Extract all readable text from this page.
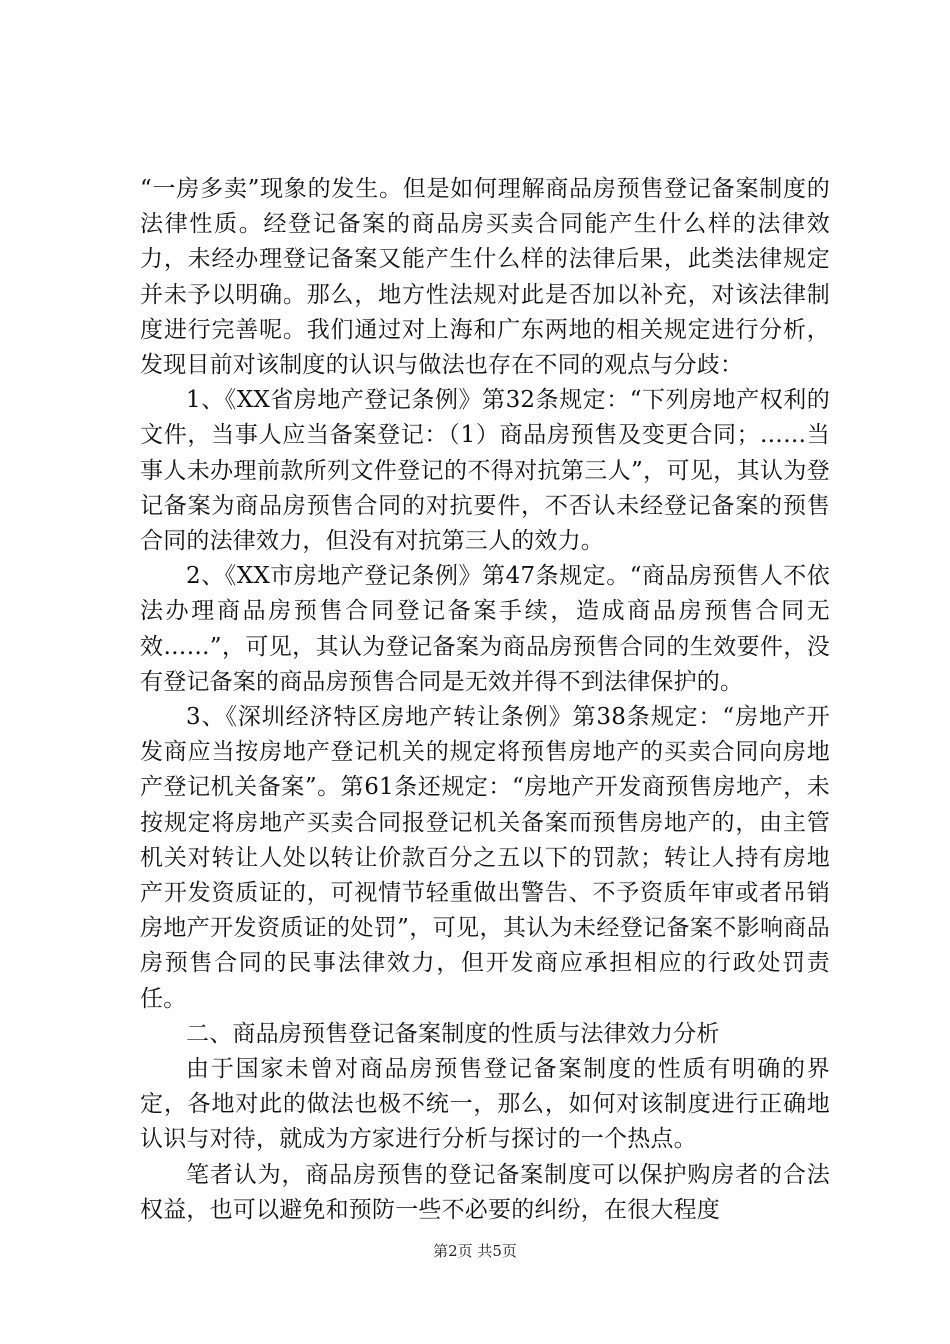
“一房多卖”现象的发生。但是如何理解商品房预售登记备案制度的法律性质。经登记备案的商品房买卖合同能产生什么样的法律效力，未经办理登记备案又能产生什么样的法律后果，此类法律规定并未予以明确。那么，地方性法规对此是否加以补充，对该法律制度进行完善呢。我们通过对上海和广东两地的相关规定进行分析，发现目前对该制度的认识与做法也存在不同的观点与分歧：

1、《XX省房地产登记条例》第32条规定：“下列房地产权利的文件，当事人应当备案登记：（1）商品房预售及变更合同；……当事人未办理前款所列文件登记的不得对抗第三人”，可见，其认为登记备案为商品房预售合同的对抗要件，不否认未经登记备案的预售合同的法律效力，但没有对抗第三人的效力。

2、《XX市房地产登记条例》第47条规定。“商品房预售人不依法办理商品房预售合同登记备案手续，造成商品房预售合同无效……”，可见，其认为登记备案为商品房预售合同的生效要件，没有登记备案的商品房预售合同是无效并得不到法律保护的。

3、《深圳经济特区房地产转让条例》第38条规定：“房地产开发商应当按房地产登记机关的规定将预售房地产的买卖合同向房地产登记机关备案”。第61条还规定：“房地产开发商预售房地产，未按规定将房地产买卖合同报登记机关备案而预售房地产的，由主管机关对转让人处以转让价款百分之五以下的罚款；转让人持有房地产开发资质证的，可视情节轻重做出警告、不予资质年审或者吊销房地产开发资质证的处罚”，可见，其认为未经登记备案不影响商品房预售合同的民事法律效力，但开发商应承担相应的行政处罚责任。

二、商品房预售登记备案制度的性质与法律效力分析

由于国家未曾对商品房预售登记备案制度的性质有明确的界定，各地对此的做法也极不统一，那么，如何对该制度进行正确地认识与对待，就成为方家进行分析与探讨的一个热点。

笔者认为，商品房预售的登记备案制度可以保护购房者的合法权益，也可以避免和预防一些不必要的纠纷，在很大程度

第2页 共5页
